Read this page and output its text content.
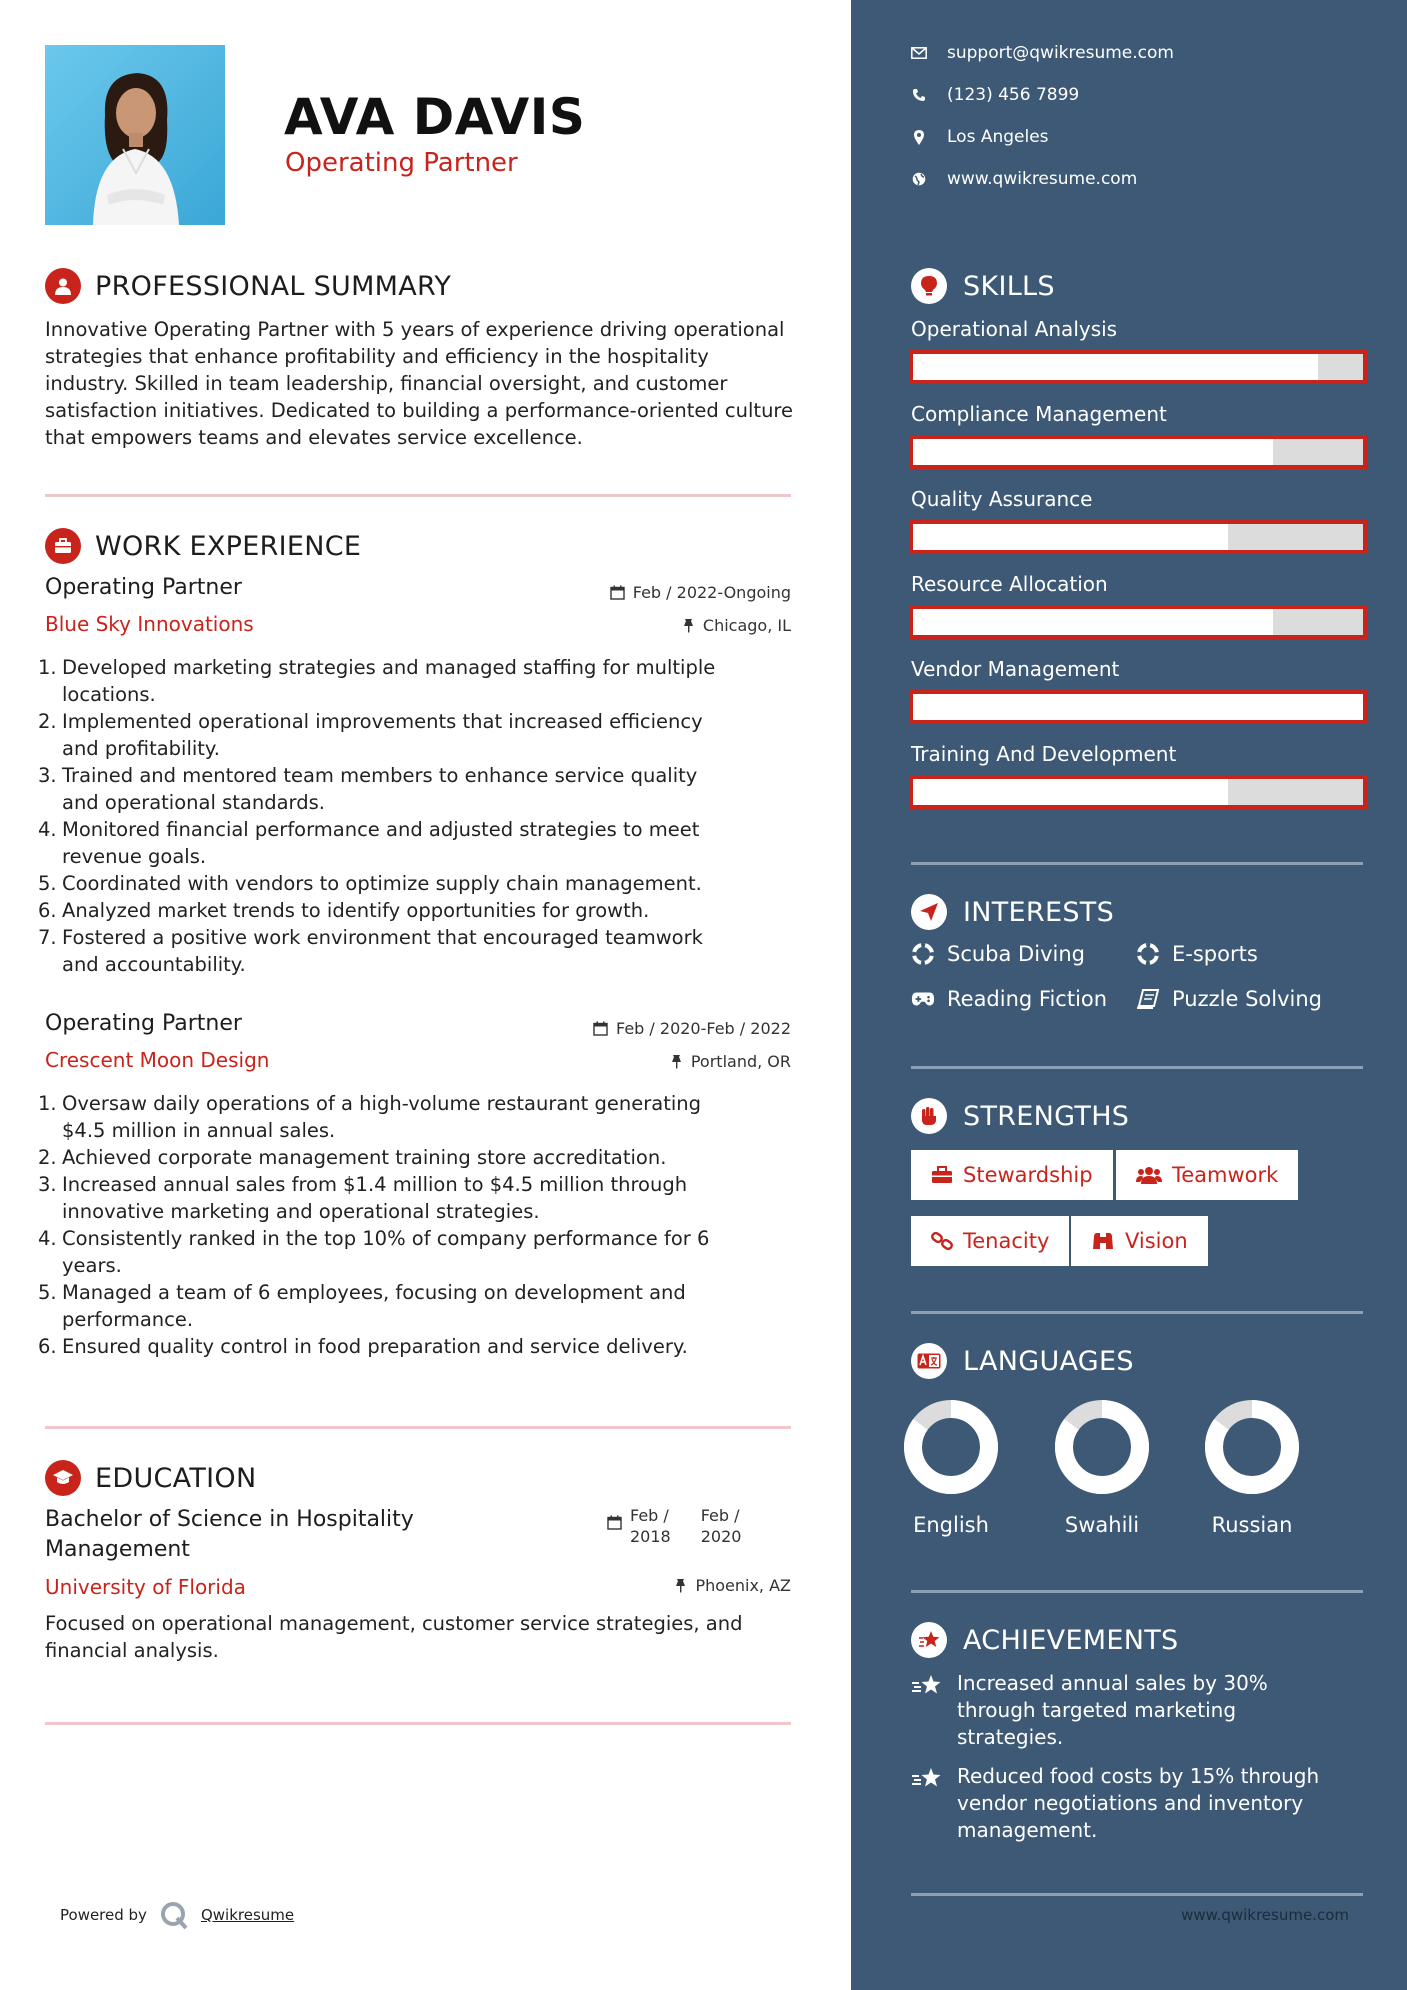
AVA DAVIS
Operating Partner
PROFESSIONAL SUMMARY
Innovative Operating Partner with 5 years of experience driving operational strategies that enhance profitability and efficiency in the hospitality industry. Skilled in team leadership, financial oversight, and customer satisfaction initiatives. Dedicated to building a performance-oriented culture that empowers teams and elevates service excellence.
WORK EXPERIENCE
Operating Partner	Feb / 2022-Ongoing
Blue Sky Innovations	Chicago, IL
1. Developed marketing strategies and managed staffing for multiple
locations.
2. Implemented operational improvements that increased efficiency
and profitability.
3. Trained and mentored team members to enhance service quality
and operational standards.
4. Monitored financial performance and adjusted strategies to meet
revenue goals.
5. Coordinated with vendors to optimize supply chain management.
6. Analyzed market trends to identify opportunities for growth.
7. Fostered a positive work environment that encouraged teamwork
and accountability.
Operating Partner	Feb / 2020-Feb / 2022
Crescent Moon Design	Portland, OR
1. Oversaw daily operations of a high-volume restaurant generating
$4.5 million in annual sales.
2. Achieved corporate management training store accreditation.
3. Increased annual sales from $1.4 million to $4.5 million through
innovative marketing and operational strategies.
4. Consistently ranked in the top 10% of company performance for 6
years.
5. Managed a team of 6 employees, focusing on development and
performance.
6. Ensured quality control in food preparation and service delivery.
EDUCATION
Bachelor of Science in Hospitality
Management
Feb /
2018
Feb /
2020
University of Florida	Phoenix, AZ
Focused on operational management, customer service strategies, and financial analysis.
Powered by	Qwikresume
support@qwikresume.com
(123) 456 7899
Los Angeles
www.qwikresume.com
SKILLS
Operational Analysis
Compliance Management
Quality Assurance
Resource Allocation
Vendor Management
Training And Development
INTERESTS
Scuba Diving	E-sports
Reading Fiction	Puzzle Solving
STRENGTHS
Stewardship	Teamwork
Tenacity	Vision
LANGUAGES
English	Swahili	Russian
ACHIEVEMENTS
Increased annual sales by 30%
through targeted marketing
strategies.
Reduced food costs by 15% through
vendor negotiations and inventory
management.
www.qwikresume.com
